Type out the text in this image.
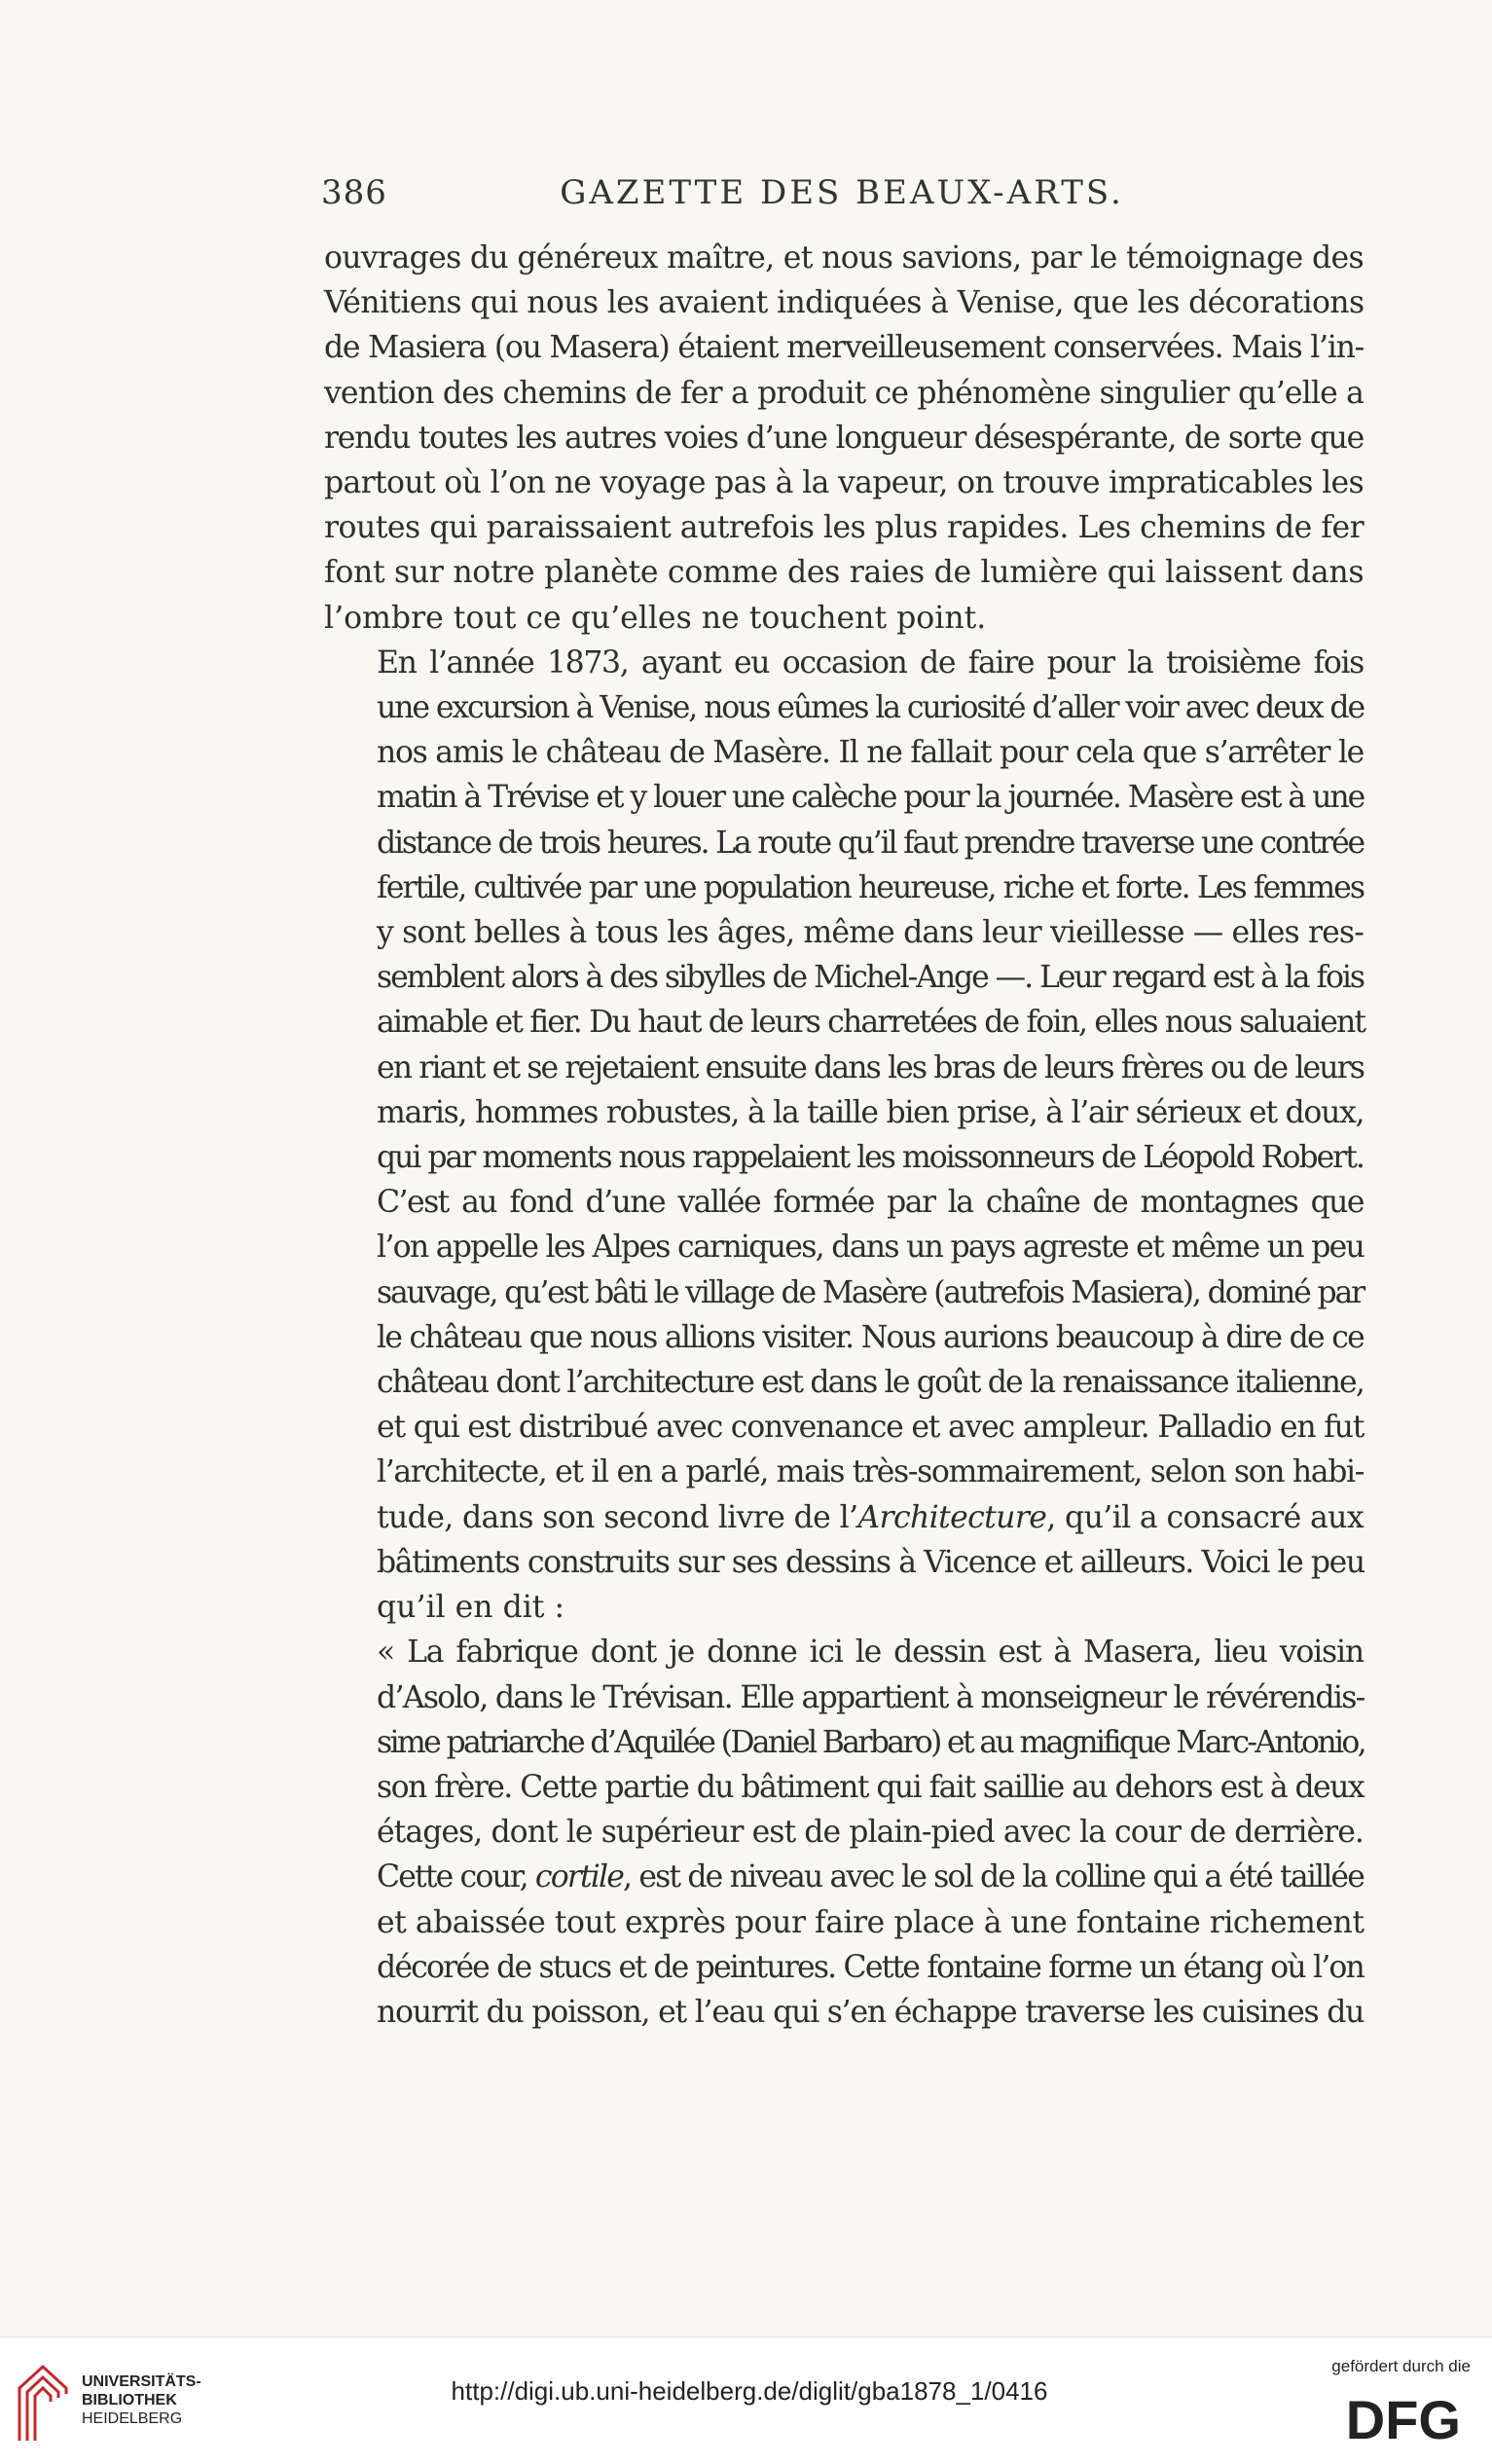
386	GAZETTE DES BEAUX-ARTS.

ouvrages du généreux maître, et nous savions, par le témoignage des
Vénitiens qui nous les avaient indiquées à Venise, que les décorations
de Masiera (ou Masera) étaient merveilleusement conservées. Mais l’in-
vention des chemins de fer a produit ce phénomène singulier qu’elle a
rendu toutes les autres voies d’une longueur désespérante, de sorte que
partout où l’on ne voyage pas à la vapeur, on trouve impraticables les
routes qui paraissaient autrefois les plus rapides. Les chemins de fer
font sur notre planète comme des raies de lumière qui laissent dans
l’ombre tout ce qu’elles ne touchent point.

En l’année 1873, ayant eu occasion de faire pour la troisième fois
une excursion à Venise, nous eûmes la curiosité d’aller voir avec deux de
nos amis le château de Masère. Il ne fallait pour cela que s’arrêter le
matin à Trévise et y louer une calèche pour la journée. Masère est à une
distance de trois heures. La route qu’il faut prendre traverse une contrée
fertile, cultivée par une population heureuse, riche et forte. Les femmes
y sont belles à tous les âges, même dans leur vieillesse — elles res-
semblent alors à des sibylles de Michel-Ange —. Leur regard est à la fois
aimable et fier. Du haut de leurs charretées de foin, elles nous saluaient
en riant et se rejetaient ensuite dans les bras de leurs frères ou de leurs
maris, hommes robustes, à la taille bien prise, à l’air sérieux et doux,
qui par moments nous rappelaient les moissonneurs de Léopold Robert.

C’est au fond d’une vallée formée par la chaîne de montagnes que
l’on appelle les Alpes carniques, dans un pays agreste et même un peu
sauvage, qu’est bâti le village de Masère (autrefois Masiera), dominé par
le château que nous allions visiter. Nous aurions beaucoup à dire de ce
château dont l’architecture est dans le goût de la renaissance italienne,
et qui est distribué avec convenance et avec ampleur. Palladio en fut
l’architecte, et il en a parlé, mais très-sommairement, selon son habi-
tude, dans son second livre de l’Architecture, qu’il a consacré aux
bâtiments construits sur ses dessins à Vicence et ailleurs. Voici le peu
qu’il en dit :

« La fabrique dont je donne ici le dessin est à Masera, lieu voisin
d’Asolo, dans le Trévisan. Elle appartient à monseigneur le révérendis-
sime patriarche d’Aquilée (Daniel Barbaro) et au magnifique Marc-Antonio,
son frère. Cette partie du bâtiment qui fait saillie au dehors est à deux
étages, dont le supérieur est de plain-pied avec la cour de derrière.
Cette cour, cortile, est de niveau avec le sol de la colline qui a été taillée
et abaissée tout exprès pour faire place à une fontaine richement
décorée de stucs et de peintures. Cette fontaine forme un étang où l’on
nourrit du poisson, et l’eau qui s’en échappe traverse les cuisines du

UNIVERSITÄTS-
BIBLIOTHEK
HEIDELBERG
http://digi.ub.uni-heidelberg.de/diglit/gba1878_1/0416
gefördert durch die
DFG
